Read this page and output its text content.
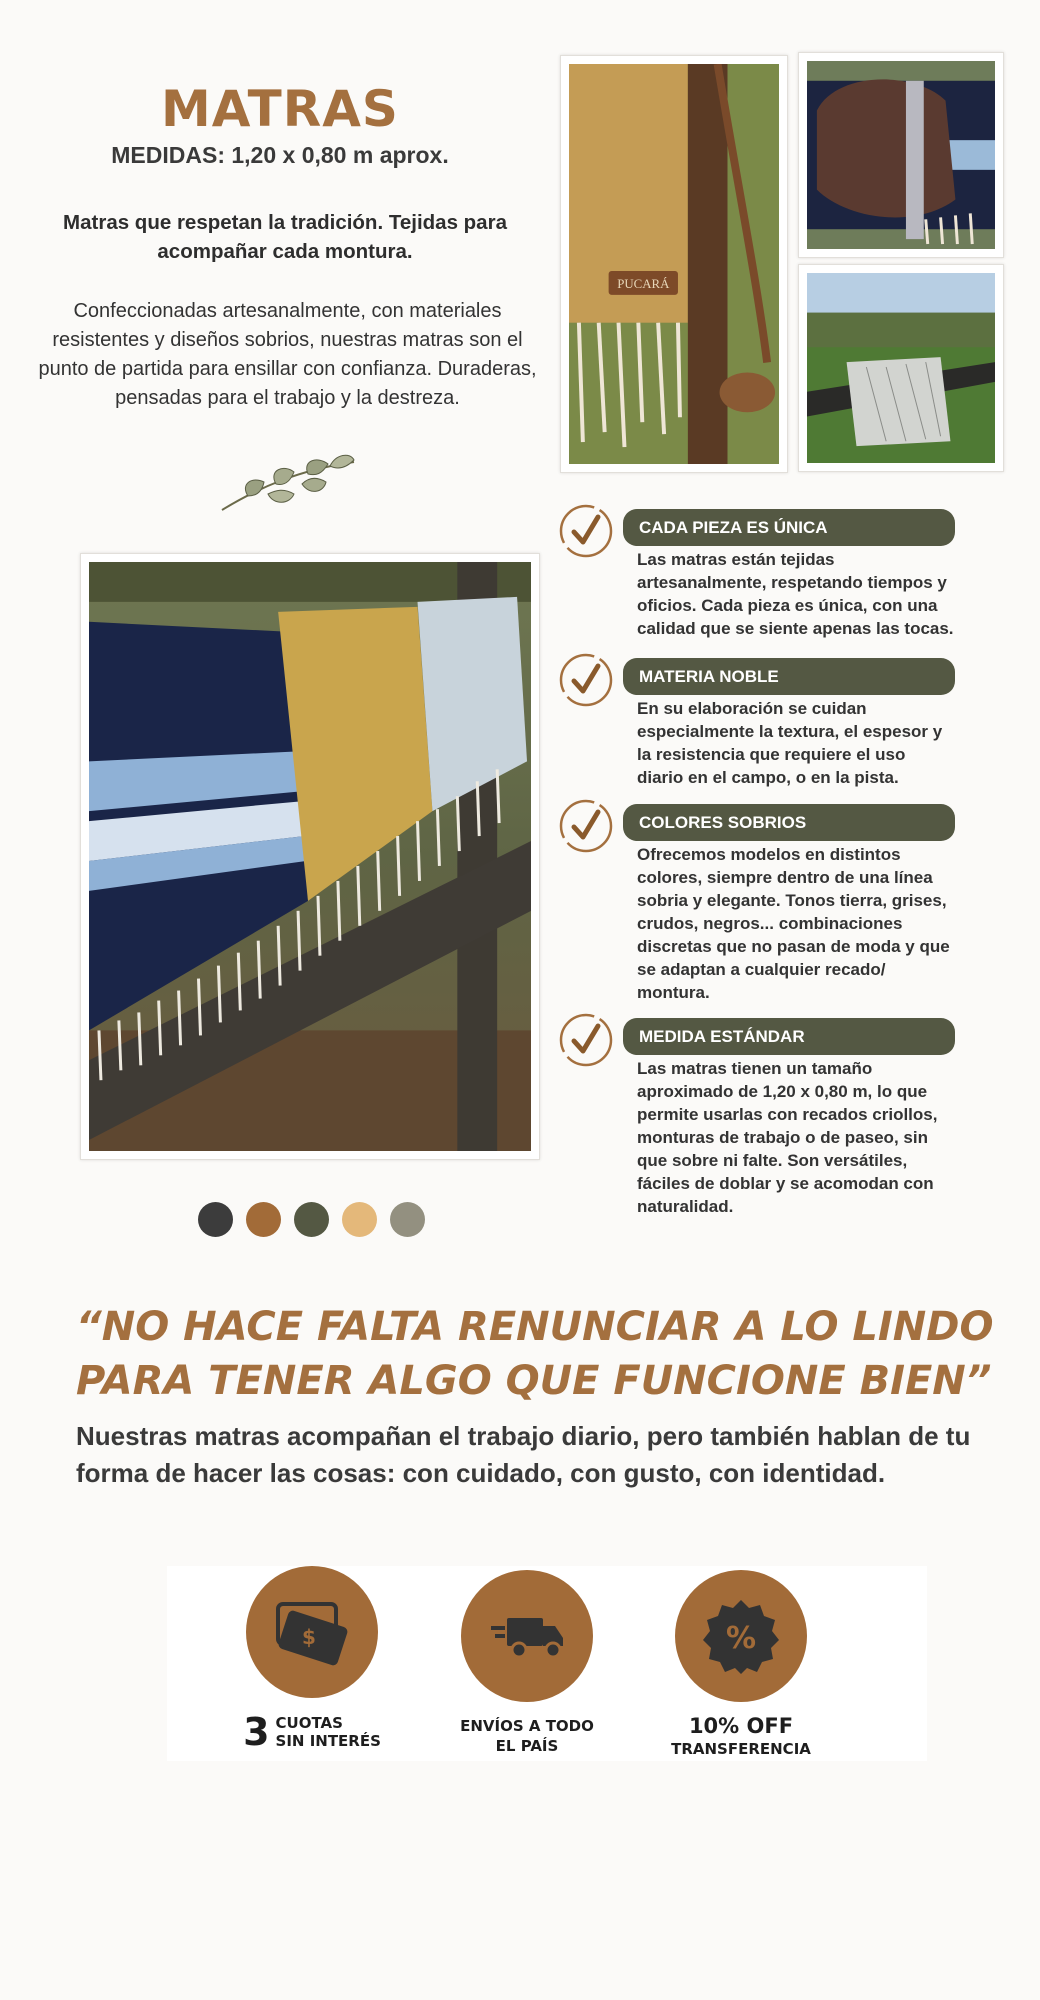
MATRAS
MEDIDAS: 1,20 x 0,80 m aprox.
Matras que respetan la tradición. Tejidas para acompañar cada montura.
Confeccionadas artesanalmente, con materiales resistentes y diseños sobrios, nuestras matras son el punto de partida para ensillar con confianza. Duraderas, pensadas para el trabajo y la destreza.
PUCARÁ
CADA PIEZA ES ÚNICA
Las matras están tejidas artesanalmente, respetando tiempos y oficios. Cada pieza es única, con una calidad que se siente apenas las tocas.
MATERIA NOBLE
En su elaboración se cuidan especialmente la textura, el espesor y la resistencia que requiere el uso diario en el campo, o en la pista.
COLORES SOBRIOS
Ofrecemos modelos en distintos colores, siempre dentro de una línea sobria y elegante. Tonos tierra, grises, crudos, negros... combinaciones discretas que no pasan de moda y que se adaptan a cualquier recado/ montura.
MEDIDA ESTÁNDAR
Las matras tienen un tamaño aproximado de 1,20 x 0,80 m, lo que permite usarlas con recados criollos, monturas de trabajo o de paseo, sin que sobre ni falte. Son versátiles, fáciles de doblar y se acomodan con naturalidad.
“NO HACE FALTA RENUNCIAR A LO LINDO PARA TENER ALGO QUE FUNCIONE BIEN”
Nuestras matras acompañan el trabajo diario, pero también hablan de tu forma de hacer las cosas: con cuidado, con gusto, con identidad.
$
3 CUOTAS
SIN INTERÉS
ENVÍOS A TODO
EL PAÍS
%
10% OFF
TRANSFERENCIA
